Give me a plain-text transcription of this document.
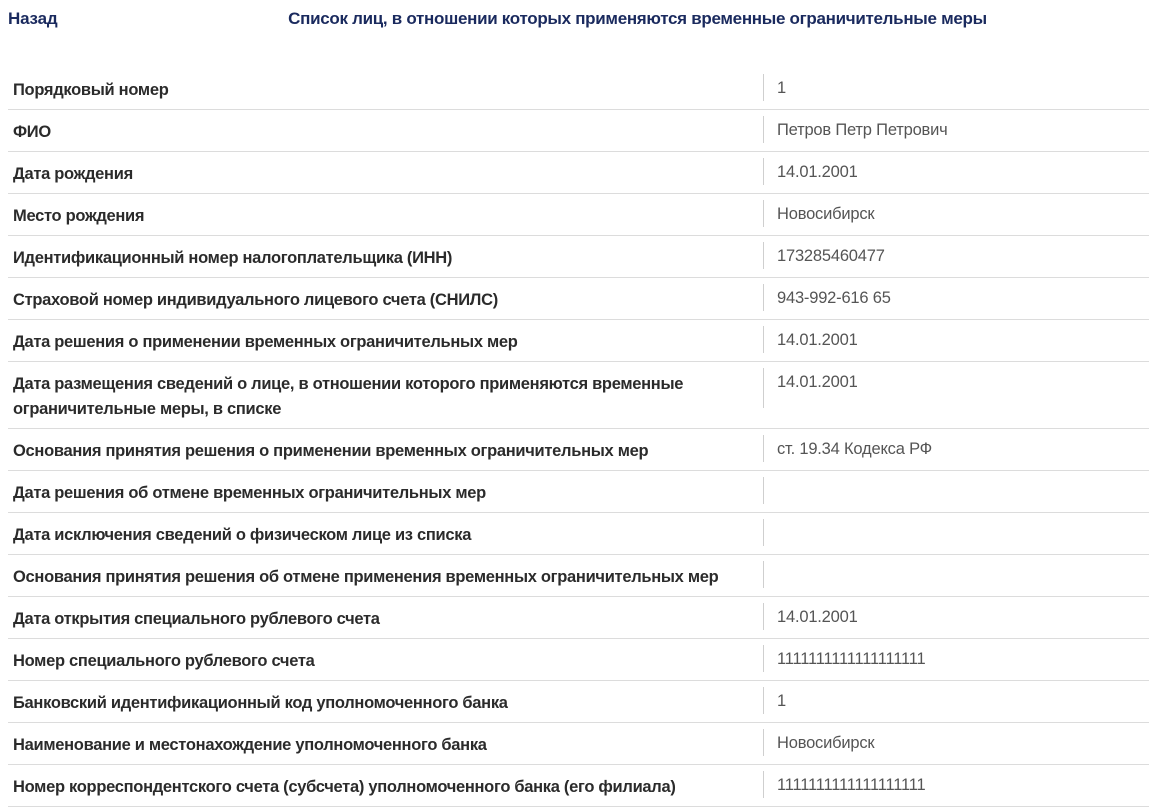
Назад	Список лиц, в отношении которых применяются временные ограничительные меры
Порядковый номер	1

ФИО	Петров Петр Петрович

Дата рождения	14.01.2001

Место рождения	Новосибирск

Идентификационный номер налогоплательщика (ИНН)	173285460477

Страховой номер индивидуального лицевого счета (СНИЛС)	943-992-616 65

Дата решения о применении временных ограничительных мер	14.01.2001

Дата размещения сведений о лице, в отношении которого применяются временные ограничительные меры, в списке	14.01.2001

Основания принятия решения о применении временных ограничительных мер	ст. 19.34 Кодекса РФ

Дата решения об отмене временных ограничительных мер	

Дата исключения сведений о физическом лице из списка	

Основания принятия решения об отмене применения временных ограничительных мер	

Дата открытия специального рублевого счета	14.01.2001

Номер специального рублевого счета	1111111111111111111

Банковский идентификационный код уполномоченного банка	1

Наименование и местонахождение уполномоченного банка	Новосибирск

Номер корреспондентского счета (субсчета) уполномоченного банка (его филиала)	1111111111111111111
